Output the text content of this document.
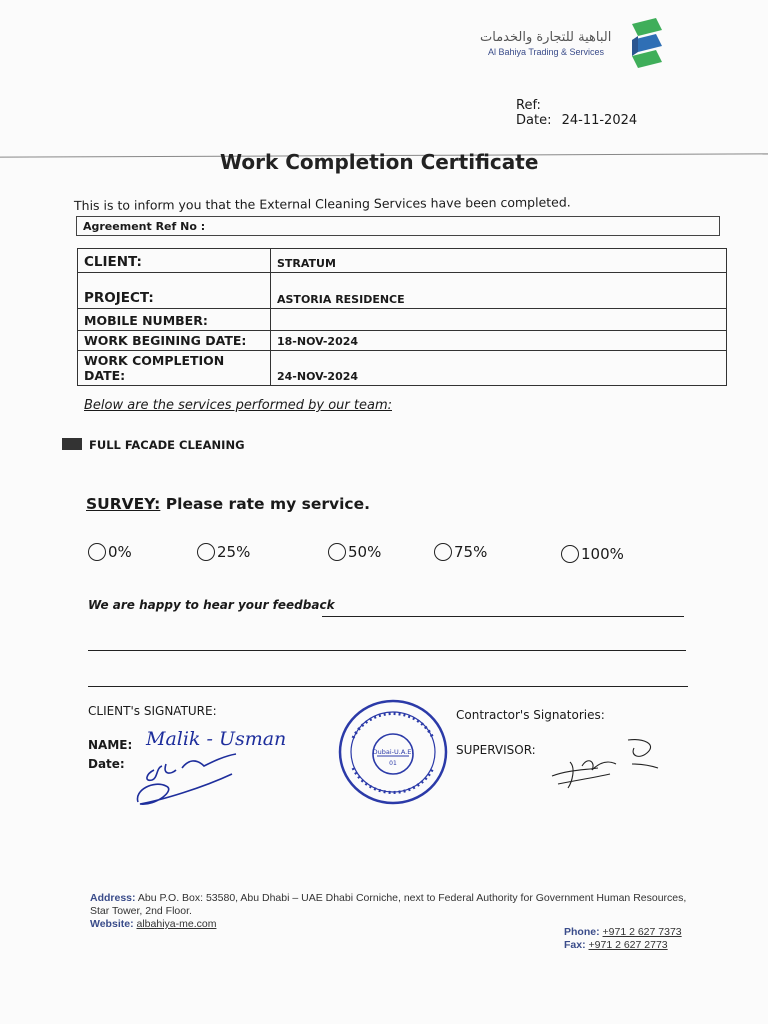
الباهية للتجارة والخدمات
Al Bahiya Trading & Services
Ref:
Date: 24-11-2024
Work Completion Certificate
This is to inform you that the External Cleaning Services have been completed.
Agreement Ref No :
CLIENT:	STRATUM
PROJECT:	ASTORIA RESIDENCE
MOBILE NUMBER:	
WORK BEGINING DATE:	18-NOV-2024
WORK COMPLETION DATE:	24-NOV-2024
Below are the services performed by our team:
FULL FACADE CLEANING
SURVEY: Please rate my service.
0%	25%	50%	75%	100%
We are happy to hear your feedback
CLIENT's SIGNATURE:
NAME: Malik - Usman
Date:
Dubai-U.A.E.
01
Contractor's Signatories:
SUPERVISOR:
Address: Abu P.O. Box: 53580, Abu Dhabi – UAE Dhabi Corniche, next to Federal Authority for Government Human Resources, Star Tower, 2nd Floor.
Website: albahiya-me.com
Phone: +971 2 627 7373
Fax: +971 2 627 2773
